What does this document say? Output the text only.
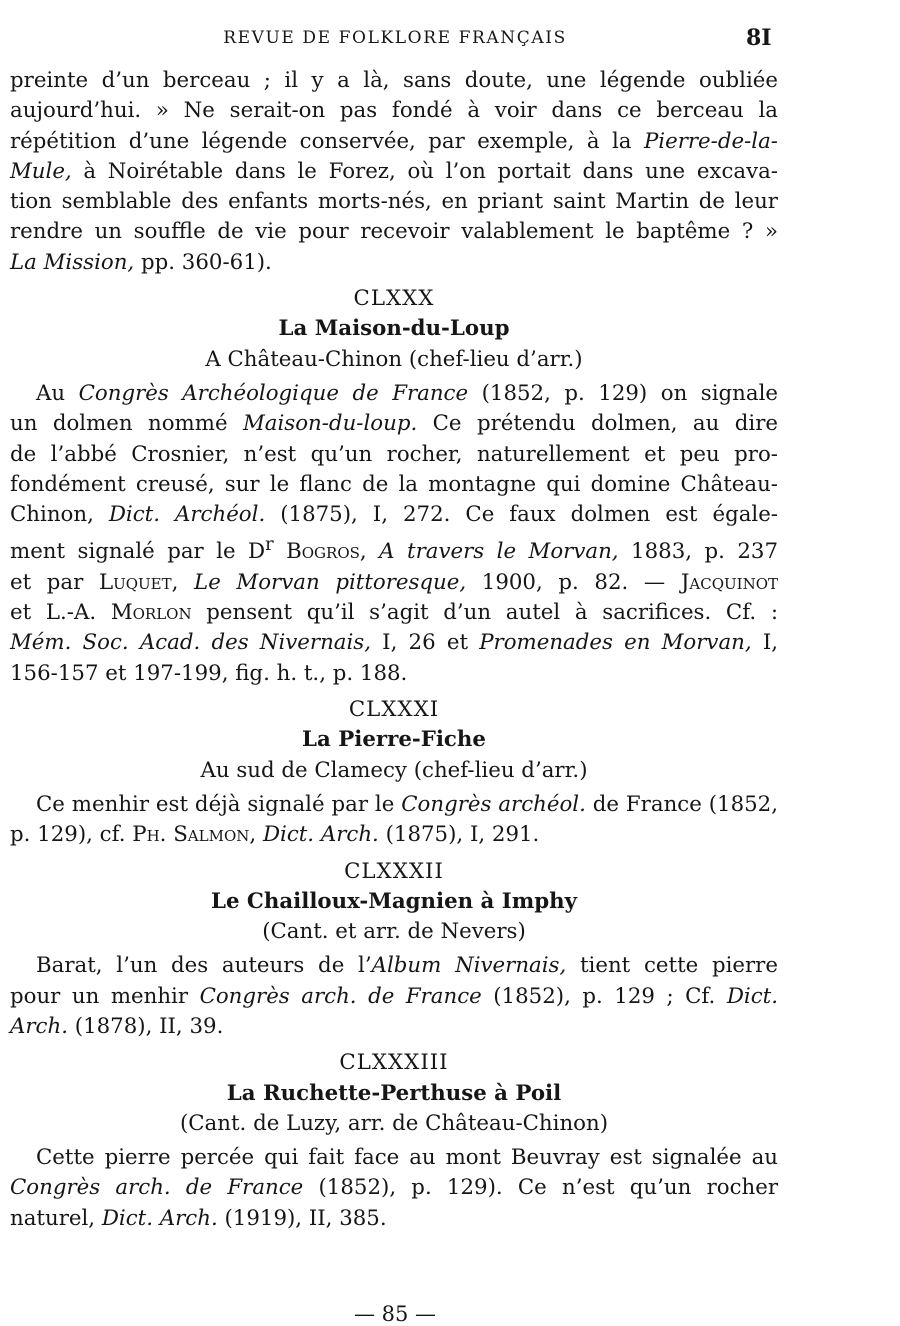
REVUE DE FOLKLORE FRANÇAIS	8I
preinte d’un berceau ; il y a là, sans doute, une légende oubliée
aujourd’hui. » Ne serait-on pas fondé à voir dans ce berceau la
répétition d’une légende conservée, par exemple, à la Pierre-de-la-
Mule, à Noirétable dans le Forez, où l’on portait dans une excava-
tion semblable des enfants morts-nés, en priant saint Martin de leur
rendre un souffle de vie pour recevoir valablement le baptême ? »
La Mission, pp. 360-61).
CLXXX
La Maison-du-Loup
A Château-Chinon (chef-lieu d’arr.)
Au Congrès Archéologique de France (1852, p. 129) on signale
un dolmen nommé Maison-du-loup. Ce prétendu dolmen, au dire
de l’abbé Crosnier, n’est qu’un rocher, naturellement et peu pro-
fondément creusé, sur le flanc de la montagne qui domine Château-
Chinon, Dict. Archéol. (1875), I, 272. Ce faux dolmen est égale-
ment signalé par le $D^r$ Bogros, A travers le Morvan, 1883, p. 237
et par Luquet, Le Morvan pittoresque, 1900, p. 82. — Jacquinot
et L.-A. Morlon pensent qu’il s’agit d’un autel à sacrifices. Cf. :
Mém. Soc. Acad. des Nivernais, I, 26 et Promenades en Morvan, I,
156-157 et 197-199, fig. h. t., p. 188.
CLXXXI
La Pierre-Fiche
Au sud de Clamecy (chef-lieu d’arr.)
Ce menhir est déjà signalé par le Congrès archéol. de France (1852,
p. 129), cf. Ph. Salmon, Dict. Arch. (1875), I, 291.
CLXXXII
Le Chailloux-Magnien à Imphy
(Cant. et arr. de Nevers)
Barat, l’un des auteurs de l’Album Nivernais, tient cette pierre
pour un menhir Congrès arch. de France (1852), p. 129 ; Cf. Dict.
Arch. (1878), II, 39.
CLXXXIII
La Ruchette-Perthuse à Poil
(Cant. de Luzy, arr. de Château-Chinon)
Cette pierre percée qui fait face au mont Beuvray est signalée au
Congrès arch. de France (1852), p. 129). Ce n’est qu’un rocher
naturel, Dict. Arch. (1919), II, 385.
— 85 —
